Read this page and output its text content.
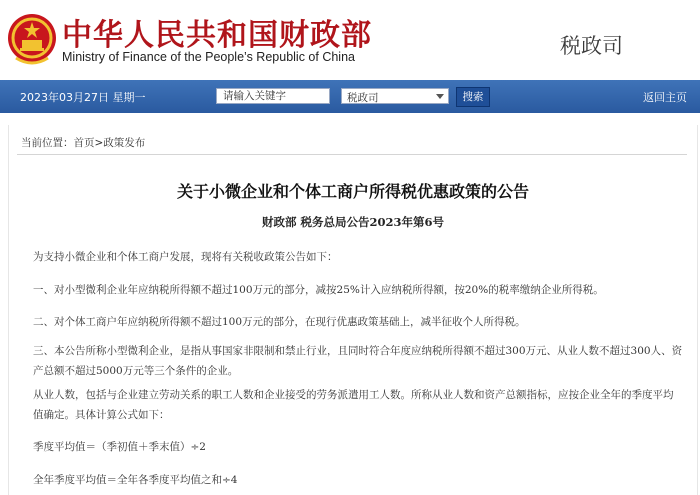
中华人民共和国财政部
Ministry of Finance of the People’s Republic of China	税政司
2023年03月27日 星期一
请输入关键字	税政司	搜索	返回主页
当前位置：首页>政策发布
关于小微企业和个体工商户所得税优惠政策的公告
财政部 税务总局公告2023年第6号
为支持小微企业和个体工商户发展，现将有关税收政策公告如下：
一、对小型微利企业年应纳税所得额不超过100万元的部分，减按25%计入应纳税所得额，按20%的税率缴纳企业所得税。
二、对个体工商户年应纳税所得额不超过100万元的部分，在现行优惠政策基础上，减半征收个人所得税。
三、本公告所称小型微利企业，是指从事国家非限制和禁止行业，且同时符合年度应纳税所得额不超过300万元、从业人数不超过300人、资产总额不超过5000万元等三个条件的企业。
从业人数，包括与企业建立劳动关系的职工人数和企业接受的劳务派遣用工人数。所称从业人数和资产总额指标，应按企业全年的季度平均值确定。具体计算公式如下：
季度平均值＝（季初值＋季末值）÷2
全年季度平均值＝全年各季度平均值之和÷4
